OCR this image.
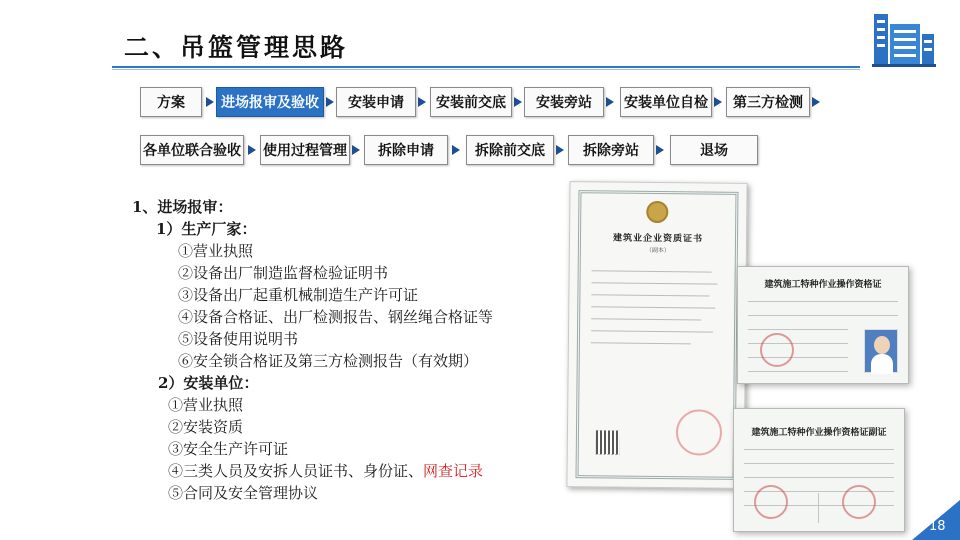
二、吊篮管理思路
方案	进场报审及验收	安装申请	安装前交底	安装旁站	安装单位自检	第三方检测
各单位联合验收 使用过程管理	拆除申请	拆除前交底	拆除旁站	退场
1、进场报审：
1）生产厂家：
①营业执照
②设备出厂制造监督检验证明书
③设备出厂起重机械制造生产许可证
④设备合格证、出厂检测报告、钢丝绳合格证等
⑤设备使用说明书
⑥安全锁合格证及第三方检测报告（有效期）
2）安装单位：
①营业执照
②安装资质
③安全生产许可证
④三类人员及安拆人员证书、身份证、网查记录
⑤合同及安全管理协议
建筑业企业资质证书
（副本）
建筑施工特种作业操作资格证
建筑施工特种作业操作资格证副证
18
